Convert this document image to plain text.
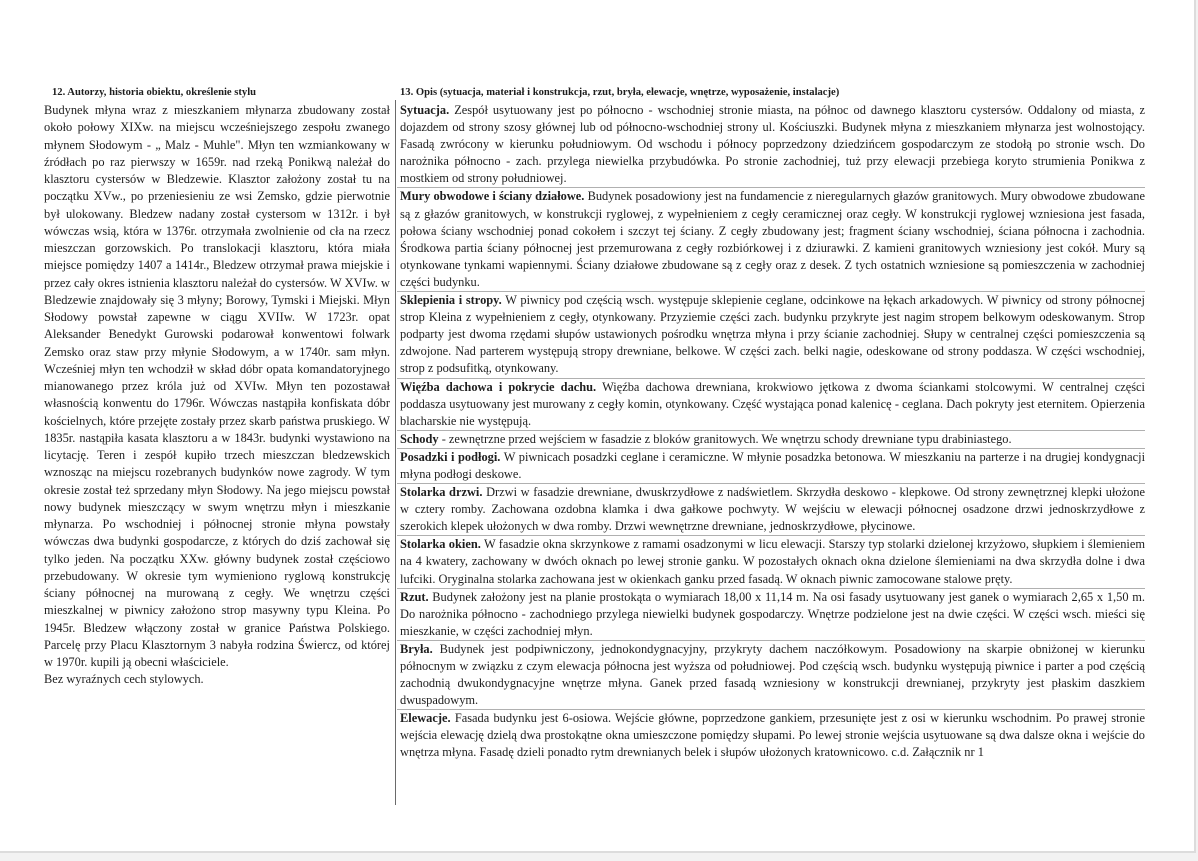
12. Autorzy, historia obiektu, określenie stylu

Budynek młyna wraz z mieszkaniem młynarza zbudowany został około połowy XIXw. na miejscu wcześniejszego zespołu zwanego młynem Słodowym - „ Malz - Muhle". Młyn ten wzmiankowany w źródłach po raz pierwszy w 1659r. nad rzeką Ponikwą należał do klasztoru cystersów w Bledzewie. Klasztor założony został tu na początku XVw., po przeniesieniu ze wsi Zemsko, gdzie pierwotnie był ulokowany. Bledzew nadany został cystersom w 1312r. i był wówczas wsią, która w 1376r. otrzymała zwolnienie od cła na rzecz mieszczan gorzowskich. Po translokacji klasztoru, która miała miejsce pomiędzy 1407 a 1414r., Bledzew otrzymał prawa miejskie i przez cały okres istnienia klasztoru należał do cystersów. W XVIw. w Bledzewie znajdowały się 3 młyny; Borowy, Tymski i Miejski. Młyn Słodowy powstał zapewne w ciągu XVIIw. W 1723r. opat Aleksander Benedykt Gurowski podarował konwentowi folwark Zemsko oraz staw przy młynie Słodowym, a w 1740r. sam młyn. Wcześniej młyn ten wchodził w skład dóbr opata komandatoryjnego mianowanego przez króla już od XVIw. Młyn ten pozostawał własnością konwentu do 1796r. Wówczas nastąpiła konfiskata dóbr kościelnych, które przejęte zostały przez skarb państwa pruskiego. W 1835r. nastąpiła kasata klasztoru a w 1843r. budynki wystawiono na licytację. Teren i zespół kupiło trzech mieszczan bledzewskich wznosząc na miejscu rozebranych budynków nowe zagrody. W tym okresie został też sprzedany młyn Słodowy. Na jego miejscu powstał nowy budynek mieszczący w swym wnętrzu młyn i mieszkanie młynarza. Po wschodniej i północnej stronie młyna powstały wówczas dwa budynki gospodarcze, z których do dziś zachował się tylko jeden. Na początku XXw. główny budynek został częściowo przebudowany. W okresie tym wymieniono ryglową konstrukcję ściany północnej na murowaną z cegły. We wnętrzu części mieszkalnej w piwnicy założono strop masywny typu Kleina. Po 1945r. Bledzew włączony został w granice Państwa Polskiego. Parcelę przy Placu Klasztornym 3 nabyła rodzina Świercz, od której w 1970r. kupili ją obecni właściciele.

Bez wyraźnych cech stylowych.

13. Opis (sytuacja, materiał i konstrukcja, rzut, bryła, elewacje, wnętrze, wyposażenie, instalacje)
Sytuacja. Zespół usytuowany jest po północno - wschodniej stronie miasta, na północ od dawnego klasztoru cystersów. Oddalony od miasta, z dojazdem od strony szosy głównej lub od północno-wschodniej strony ul. Kościuszki. Budynek młyna z mieszkaniem młynarza jest wolnostojący. Fasadą zwrócony w kierunku południowym. Od wschodu i północy poprzedzony dziedzińcem gospodarczym ze stodołą po stronie wsch. Do narożnika północno - zach. przylega niewielka przybudówka. Po stronie zachodniej, tuż przy elewacji przebiega koryto strumienia Ponikwa z mostkiem od strony południowej.
Mury obwodowe i ściany działowe. Budynek posadowiony jest na fundamencie z nieregularnych głazów granitowych. Mury obwodowe zbudowane są z głazów granitowych, w konstrukcji ryglowej, z wypełnieniem z cegły ceramicznej oraz cegły. W konstrukcji ryglowej wzniesiona jest fasada, połowa ściany wschodniej ponad cokołem i szczyt tej ściany. Z cegły zbudowany jest; fragment ściany wschodniej, ściana północna i zachodnia. Środkowa partia ściany północnej jest przemurowana z cegły rozbiórkowej i z dziurawki. Z kamieni granitowych wzniesiony jest cokół. Mury są otynkowane tynkami wapiennymi. Ściany działowe zbudowane są z cegły oraz z desek. Z tych ostatnich wzniesione są pomieszczenia w zachodniej części budynku.
Sklepienia i stropy. W piwnicy pod częścią wsch. występuje sklepienie ceglane, odcinkowe na łękach arkadowych. W piwnicy od strony północnej strop Kleina z wypełnieniem z cegły, otynkowany. Przyziemie części zach. budynku przykryte jest nagim stropem belkowym odeskowanym. Strop podparty jest dwoma rzędami słupów ustawionych pośrodku wnętrza młyna i przy ścianie zachodniej. Słupy w centralnej części pomieszczenia są zdwojone. Nad parterem występują stropy drewniane, belkowe. W części zach. belki nagie, odeskowane od strony poddasza. W części wschodniej, strop z podsufitką, otynkowany.
Więźba dachowa i pokrycie dachu. Więźba dachowa drewniana, krokwiowo jętkowa z dwoma ściankami stolcowymi. W centralnej części poddasza usytuowany jest murowany z cegły komin, otynkowany. Część wystająca ponad kalenicę - ceglana. Dach pokryty jest eternitem. Opierzenia blacharskie nie występują.
Schody - zewnętrzne przed wejściem w fasadzie z bloków granitowych. We wnętrzu schody drewniane typu drabiniastego.
Posadzki i podłogi. W piwnicach posadzki ceglane i ceramiczne. W młynie posadzka betonowa. W mieszkaniu na parterze i na drugiej kondygnacji młyna podłogi deskowe.
Stolarka drzwi. Drzwi w fasadzie drewniane, dwuskrzydłowe z nadświetlem. Skrzydła deskowo - klepkowe. Od strony zewnętrznej klepki ułożone w cztery romby. Zachowana ozdobna klamka i dwa gałkowe pochwyty. W wejściu w elewacji północnej osadzone drzwi jednoskrzydłowe z szerokich klepek ułożonych w dwa romby. Drzwi wewnętrzne drewniane, jednoskrzydłowe, płycinowe.
Stolarka okien. W fasadzie okna skrzynkowe z ramami osadzonymi w licu elewacji. Starszy typ stolarki dzielonej krzyżowo, słupkiem i ślemieniem na 4 kwatery, zachowany w dwóch oknach po lewej stronie ganku. W pozostałych oknach okna dzielone ślemieniami na dwa skrzydła dolne i dwa lufciki. Oryginalna stolarka zachowana jest w okienkach ganku przed fasadą. W oknach piwnic zamocowane stalowe pręty.
Rzut. Budynek założony jest na planie prostokąta o wymiarach 18,00 x 11,14 m. Na osi fasady usytuowany jest ganek o wymiarach 2,65 x 1,50 m. Do narożnika północno - zachodniego przylega niewielki budynek gospodarczy. Wnętrze podzielone jest na dwie części. W części wsch. mieści się mieszkanie, w części zachodniej młyn.
Bryła. Budynek jest podpiwniczony, jednokondygnacyjny, przykryty dachem naczółkowym. Posadowiony na skarpie obniżonej w kierunku północnym w związku z czym elewacja północna jest wyższa od południowej. Pod częścią wsch. budynku występują piwnice i parter a pod częścią zachodnią dwukondygnacyjne wnętrze młyna. Ganek przed fasadą wzniesiony w konstrukcji drewnianej, przykryty jest płaskim daszkiem dwuspadowym.
Elewacje. Fasada budynku jest 6-osiowa. Wejście główne, poprzedzone gankiem, przesunięte jest z osi w kierunku wschodnim. Po prawej stronie wejścia elewację dzielą dwa prostokątne okna umieszczone pomiędzy słupami. Po lewej stronie wejścia usytuowane są dwa dalsze okna i wejście do wnętrza młyna. Fasadę dzieli ponadto rytm drewnianych belek i słupów ułożonych kratownicowo. c.d. Załącznik nr 1
